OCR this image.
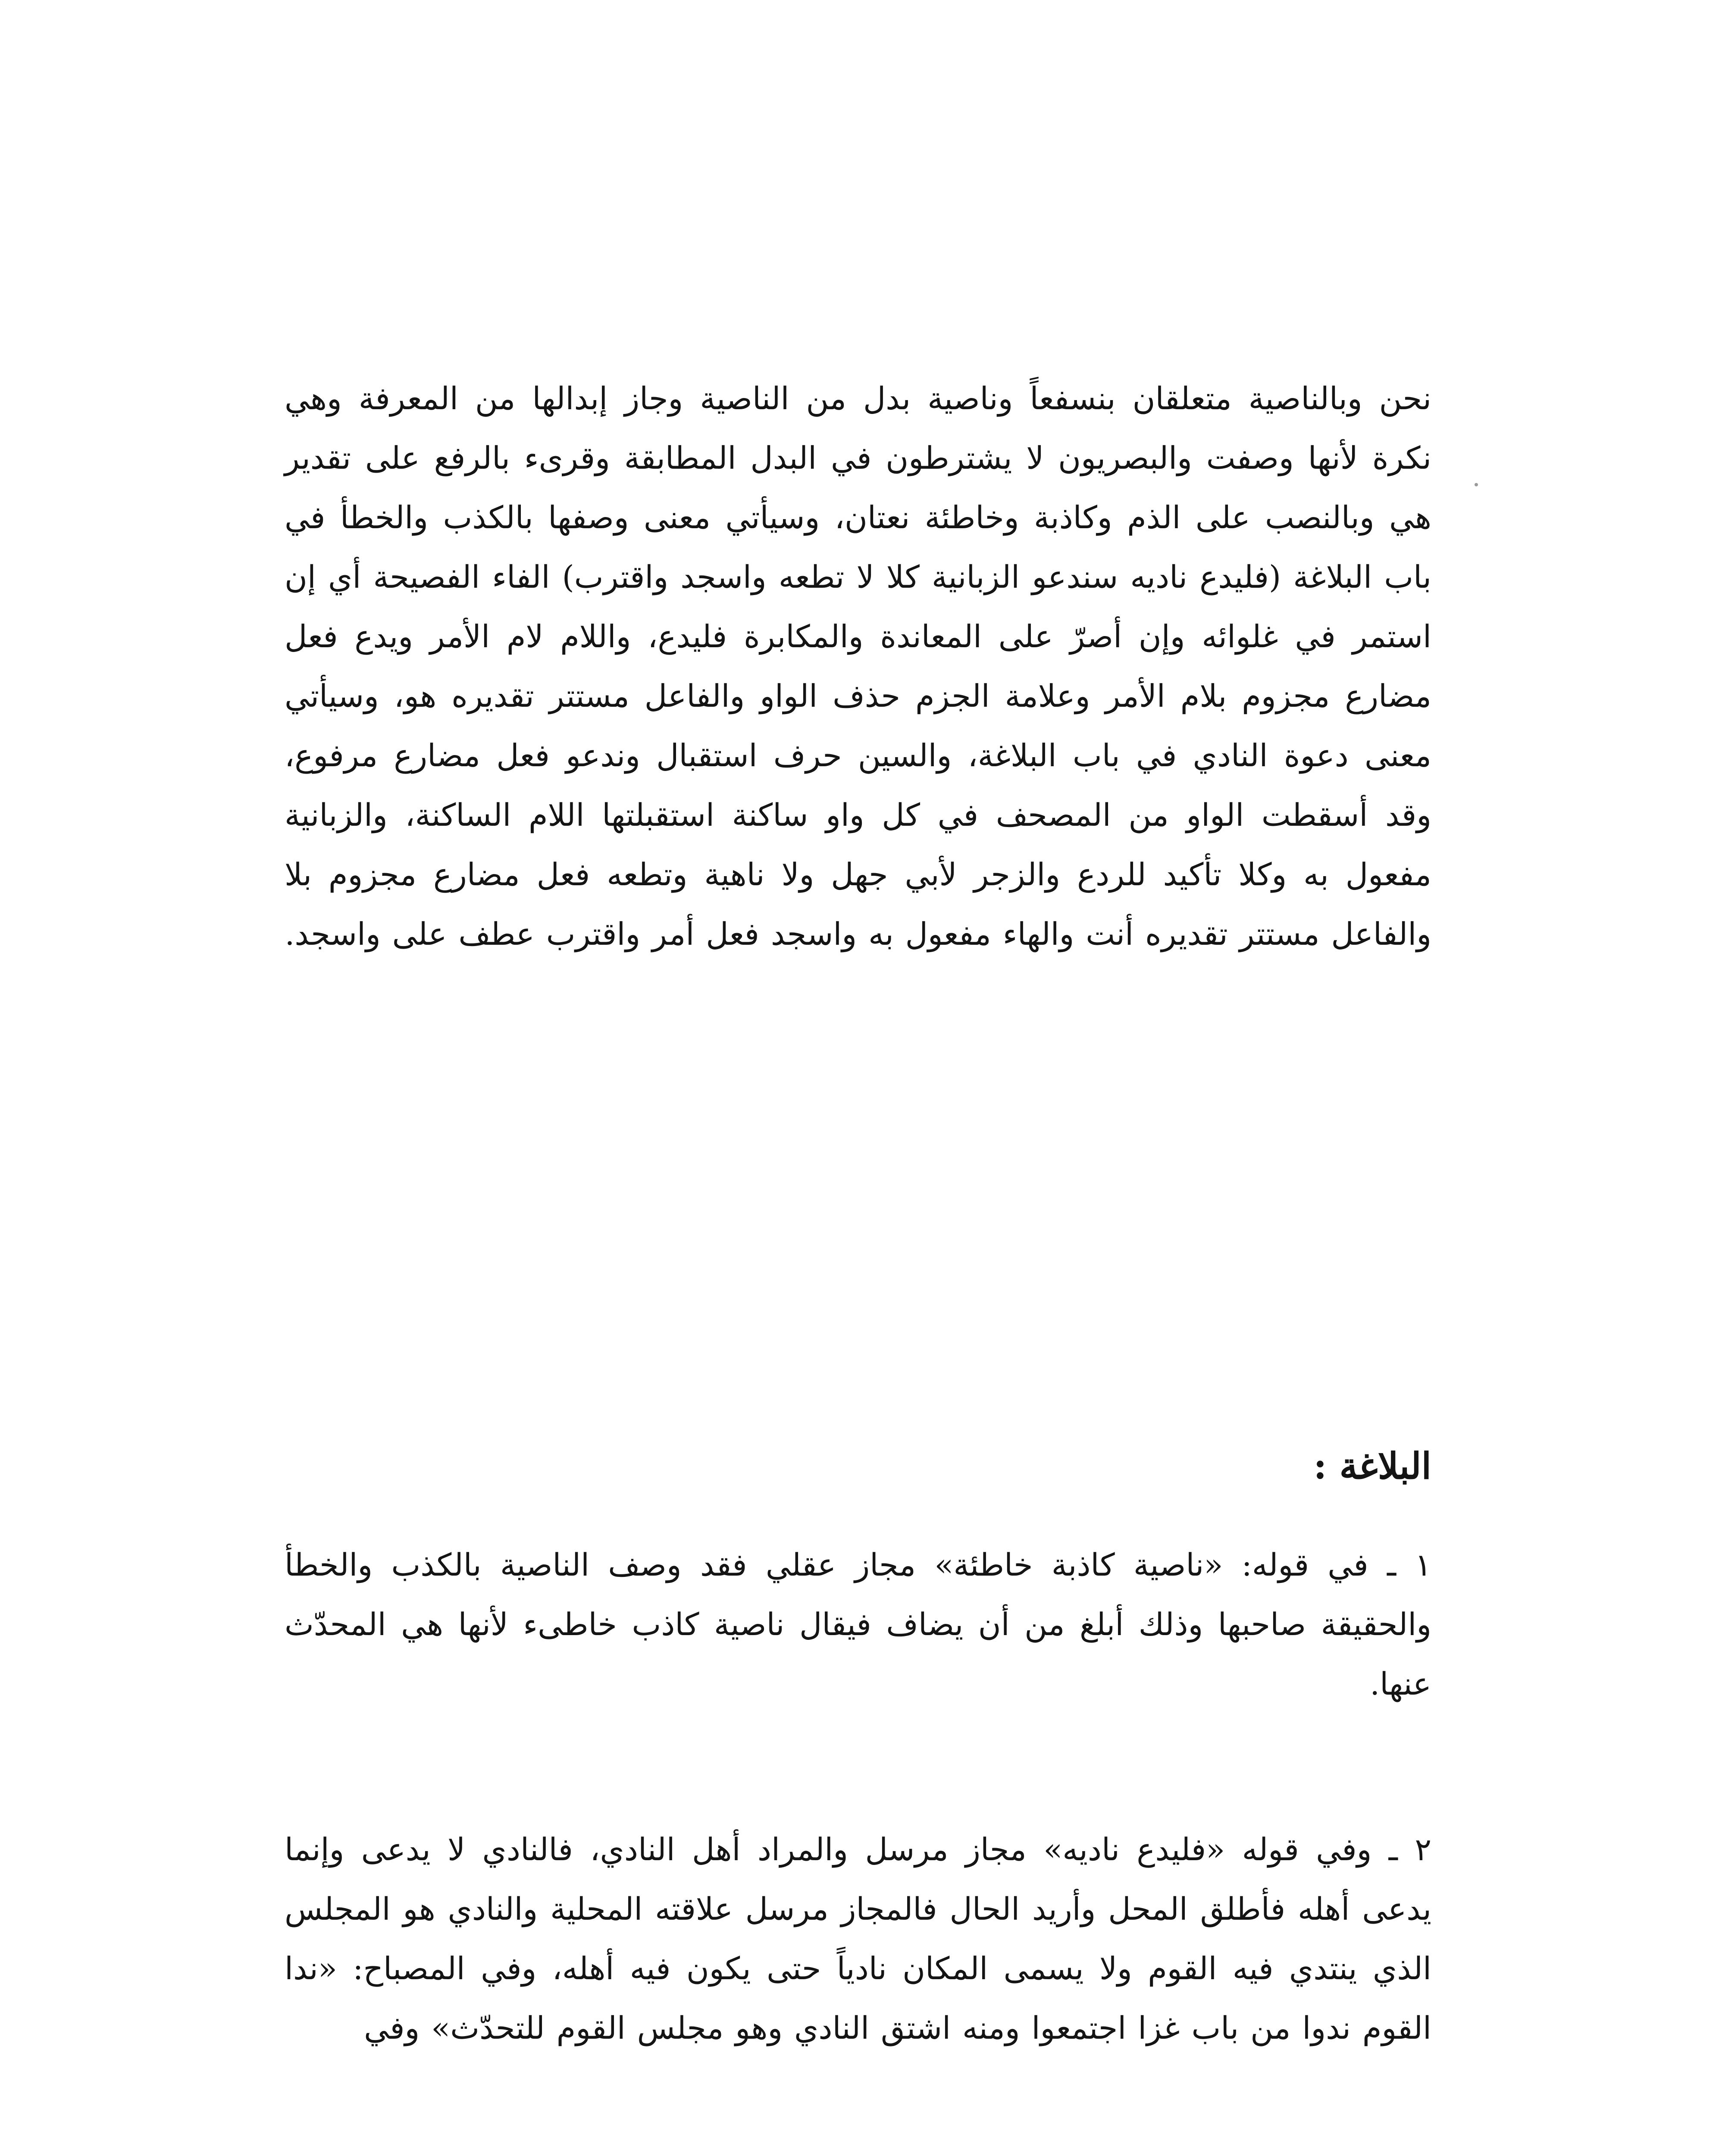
نحن وبالناصية متعلقان بنسفعاً وناصية بدل من الناصية وجاز إبدالها من المعرفة وهي نكرة لأنها وصفت والبصريون لا يشترطون في البدل المطابقة وقرىء بالرفع على تقدير هي وبالنصب على الذم وكاذبة وخاطئة نعتان، وسيأتي معنى وصفها بالكذب والخطأ في باب البلاغة (فليدع ناديه سندعو الزبانية كلا لا تطعه واسجد واقترب) الفاء الفصيحة أي إن استمر في غلوائه وإن أصرّ على المعاندة والمكابرة فليدع، واللام لام الأمر ويدع فعل مضارع مجزوم بلام الأمر وعلامة الجزم حذف الواو والفاعل مستتر تقديره هو، وسيأتي معنى دعوة النادي في باب البلاغة، والسين حرف استقبال وندعو فعل مضارع مرفوع، وقد أسقطت الواو من المصحف في كل واو ساكنة استقبلتها اللام الساكنة، والزبانية مفعول به وكلا تأكيد للردع والزجر لأبي جهل ولا ناهية وتطعه فعل مضارع مجزوم بلا والفاعل مستتر تقديره أنت والهاء مفعول به واسجد فعل أمر واقترب عطف على واسجد.

البلاغة :

١ ـ في قوله: «ناصية كاذبة خاطئة» مجاز عقلي فقد وصف الناصية بالكذب والخطأ والحقيقة صاحبها وذلك أبلغ من أن يضاف فيقال ناصية كاذب خاطىء لأنها هي المحدّث عنها.

٢ ـ وفي قوله «فليدع ناديه» مجاز مرسل والمراد أهل النادي، فالنادي لا يدعى وإنما يدعى أهله فأطلق المحل وأريد الحال فالمجاز مرسل علاقته المحلية والنادي هو المجلس الذي ينتدي فيه القوم ولا يسمى المكان نادياً حتى يكون فيه أهله، وفي المصباح: «ندا القوم ندوا من باب غزا اجتمعوا ومنه اشتق النادي وهو مجلس القوم للتحدّث» وفي
